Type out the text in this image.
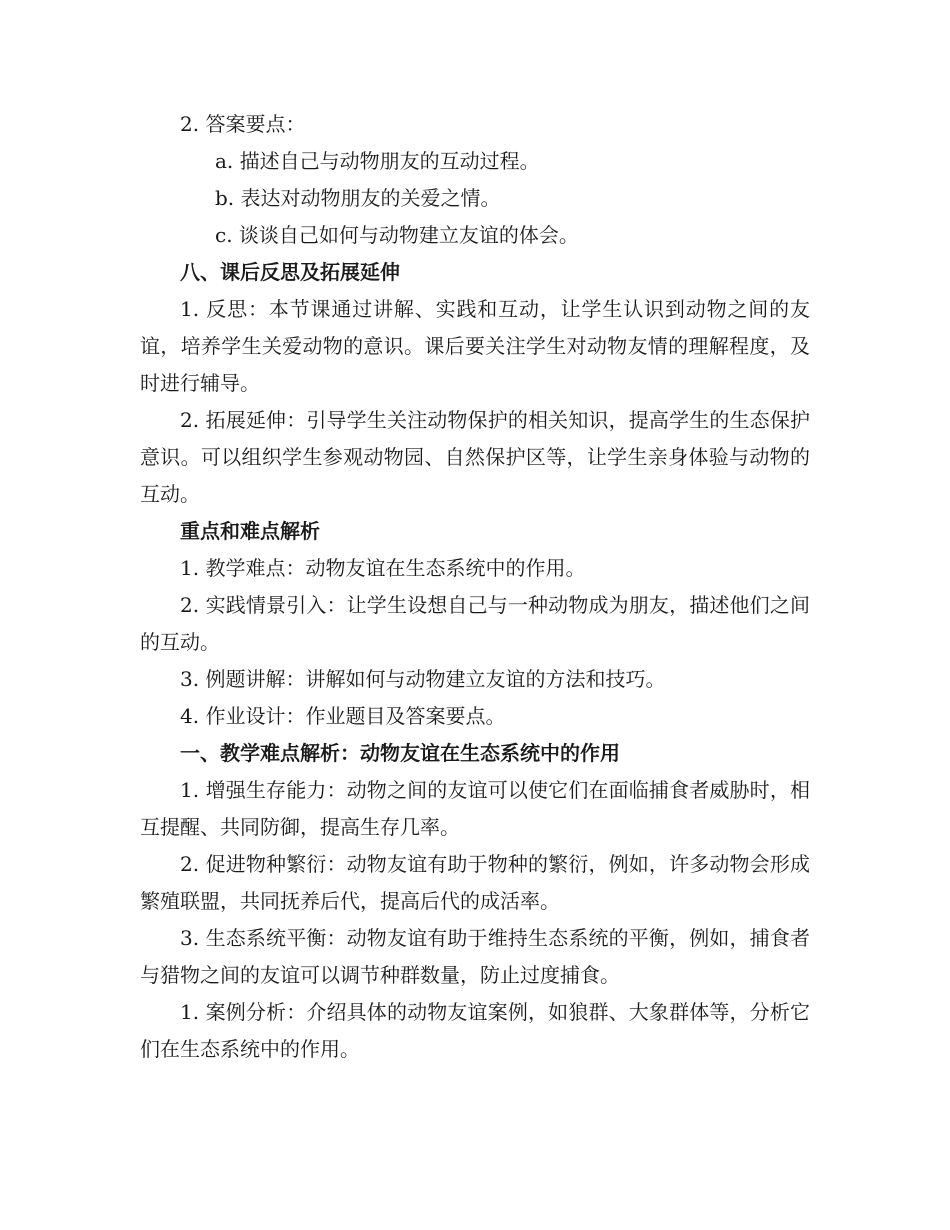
2. 答案要点：

a. 描述自己与动物朋友的互动过程。

b. 表达对动物朋友的关爱之情。

c. 谈谈自己如何与动物建立友谊的体会。

八、课后反思及拓展延伸

1. 反思：本节课通过讲解、实践和互动，让学生认识到动物之间的友谊，培养学生关爱动物的意识。课后要关注学生对动物友情的理解程度，及时进行辅导。

2. 拓展延伸：引导学生关注动物保护的相关知识，提高学生的生态保护意识。可以组织学生参观动物园、自然保护区等，让学生亲身体验与动物的互动。

重点和难点解析

1. 教学难点：动物友谊在生态系统中的作用。

2. 实践情景引入：让学生设想自己与一种动物成为朋友，描述他们之间的互动。

3. 例题讲解：讲解如何与动物建立友谊的方法和技巧。

4. 作业设计：作业题目及答案要点。

一、教学难点解析：动物友谊在生态系统中的作用

1. 增强生存能力：动物之间的友谊可以使它们在面临捕食者威胁时，相互提醒、共同防御，提高生存几率。

2. 促进物种繁衍：动物友谊有助于物种的繁衍，例如，许多动物会形成繁殖联盟，共同抚养后代，提高后代的成活率。

3. 生态系统平衡：动物友谊有助于维持生态系统的平衡，例如，捕食者与猎物之间的友谊可以调节种群数量，防止过度捕食。

1. 案例分析：介绍具体的动物友谊案例，如狼群、大象群体等，分析它们在生态系统中的作用。
